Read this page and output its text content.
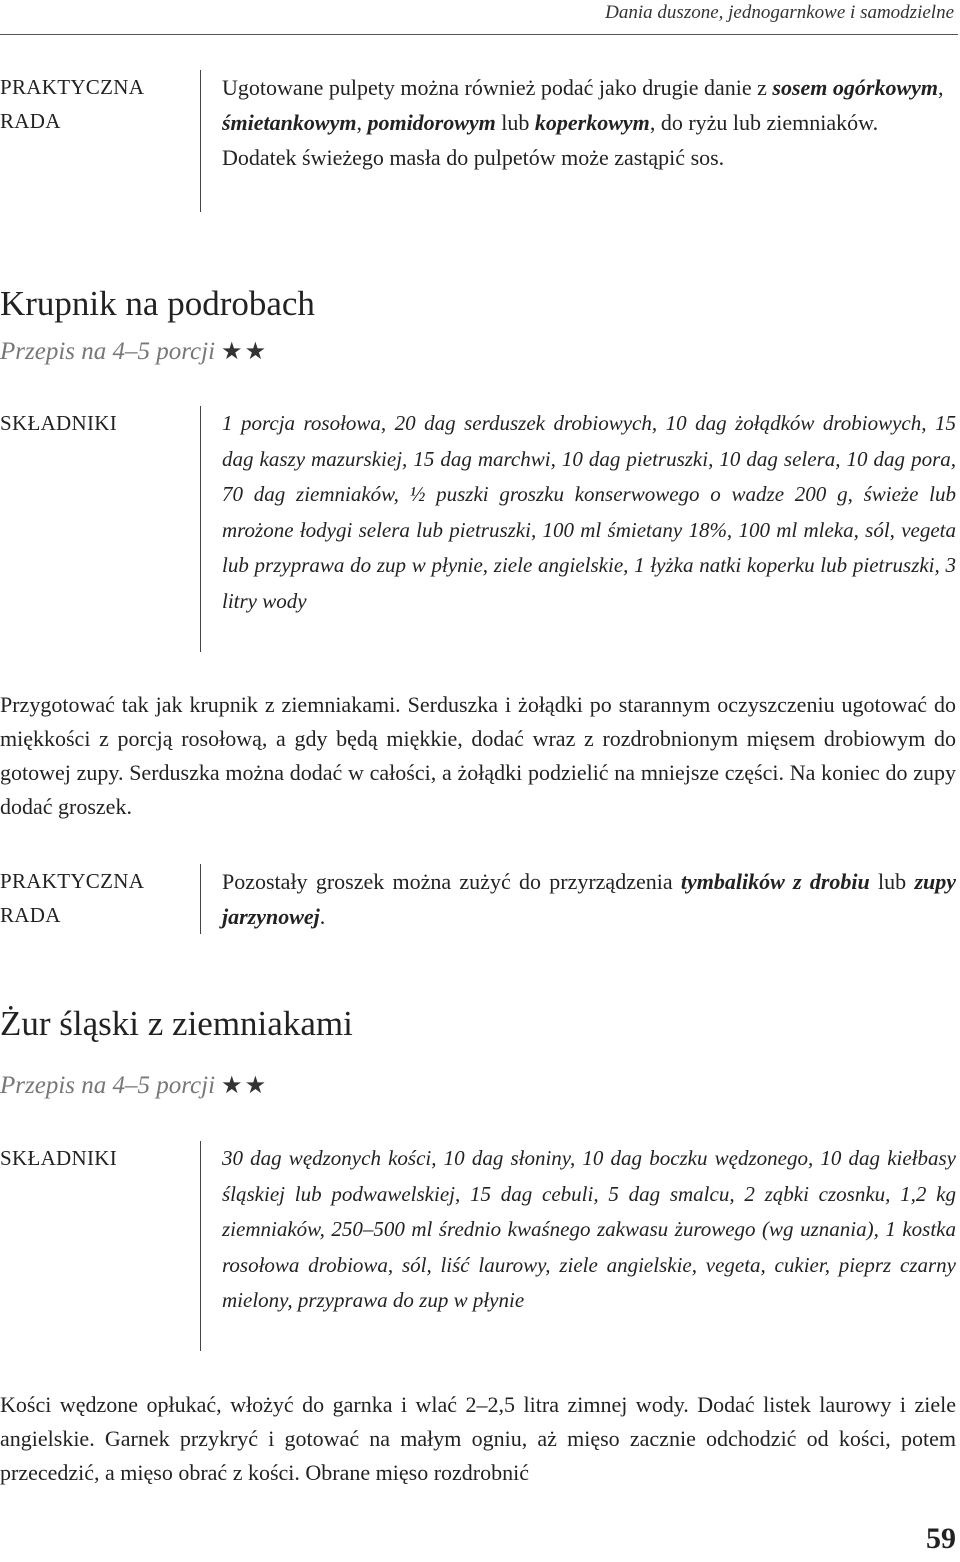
Dania duszone, jednogarnkowe i samodzielne
PRAKTYCZNA
RADA
Ugotowane pulpety można również podać jako drugie danie z sosem ogórkowym, śmietankowym, pomidorowym lub koperkowym, do ryżu lub ziemniaków.
Dodatek świeżego masła do pulpetów może zastąpić sos.
Krupnik na podrobach
Przepis na 4–5 porcji ★★
SKŁADNIKI	1 porcja rosołowa, 20 dag serduszek drobiowych, 10 dag żołądków drobiowych, 15 dag kaszy mazurskiej, 15 dag marchwi, 10 dag pietruszki, 10 dag selera, 10 dag pora, 70 dag ziemniaków, ½ puszki groszku konserwowego o wadze 200 g, świeże lub mrożone łodygi selera lub pietruszki, 100 ml śmietany 18%, 100 ml mleka, sól, vegeta lub przyprawa do zup w płynie, ziele angielskie, 1 łyżka natki koperku lub pietruszki, 3 litry wody
Przygotować tak jak krupnik z ziemniakami. Serduszka i żołądki po starannym oczyszczeniu ugotować do miękkości z porcją rosołową, a gdy będą miękkie, dodać wraz z rozdrobnionym mięsem drobiowym do gotowej zupy. Serduszka można dodać w całości, a żołądki podzielić na mniejsze części. Na koniec do zupy dodać groszek.
PRAKTYCZNA
RADA
Pozostały groszek można zużyć do przyrządzenia tymbalików z drobiu lub zupy jarzynowej.
Żur śląski z ziemniakami
Przepis na 4–5 porcji ★★
SKŁADNIKI	30 dag wędzonych kości, 10 dag słoniny, 10 dag boczku wędzonego, 10 dag kiełbasy śląskiej lub podwawelskiej, 15 dag cebuli, 5 dag smalcu, 2 ząbki czosnku, 1,2 kg ziemniaków, 250–500 ml średnio kwaśnego zakwasu żurowego (wg uznania), 1 kostka rosołowa drobiowa, sól, liść laurowy, ziele angielskie, vegeta, cukier, pieprz czarny mielony, przyprawa do zup w płynie
Kości wędzone opłukać, włożyć do garnka i wlać 2–2,5 litra zimnej wody. Dodać listek laurowy i ziele angielskie. Garnek przykryć i gotować na małym ogniu, aż mięso zacznie odchodzić od kości, potem przecedzić, a mięso obrać z kości. Obrane mięso rozdrobnić
59
